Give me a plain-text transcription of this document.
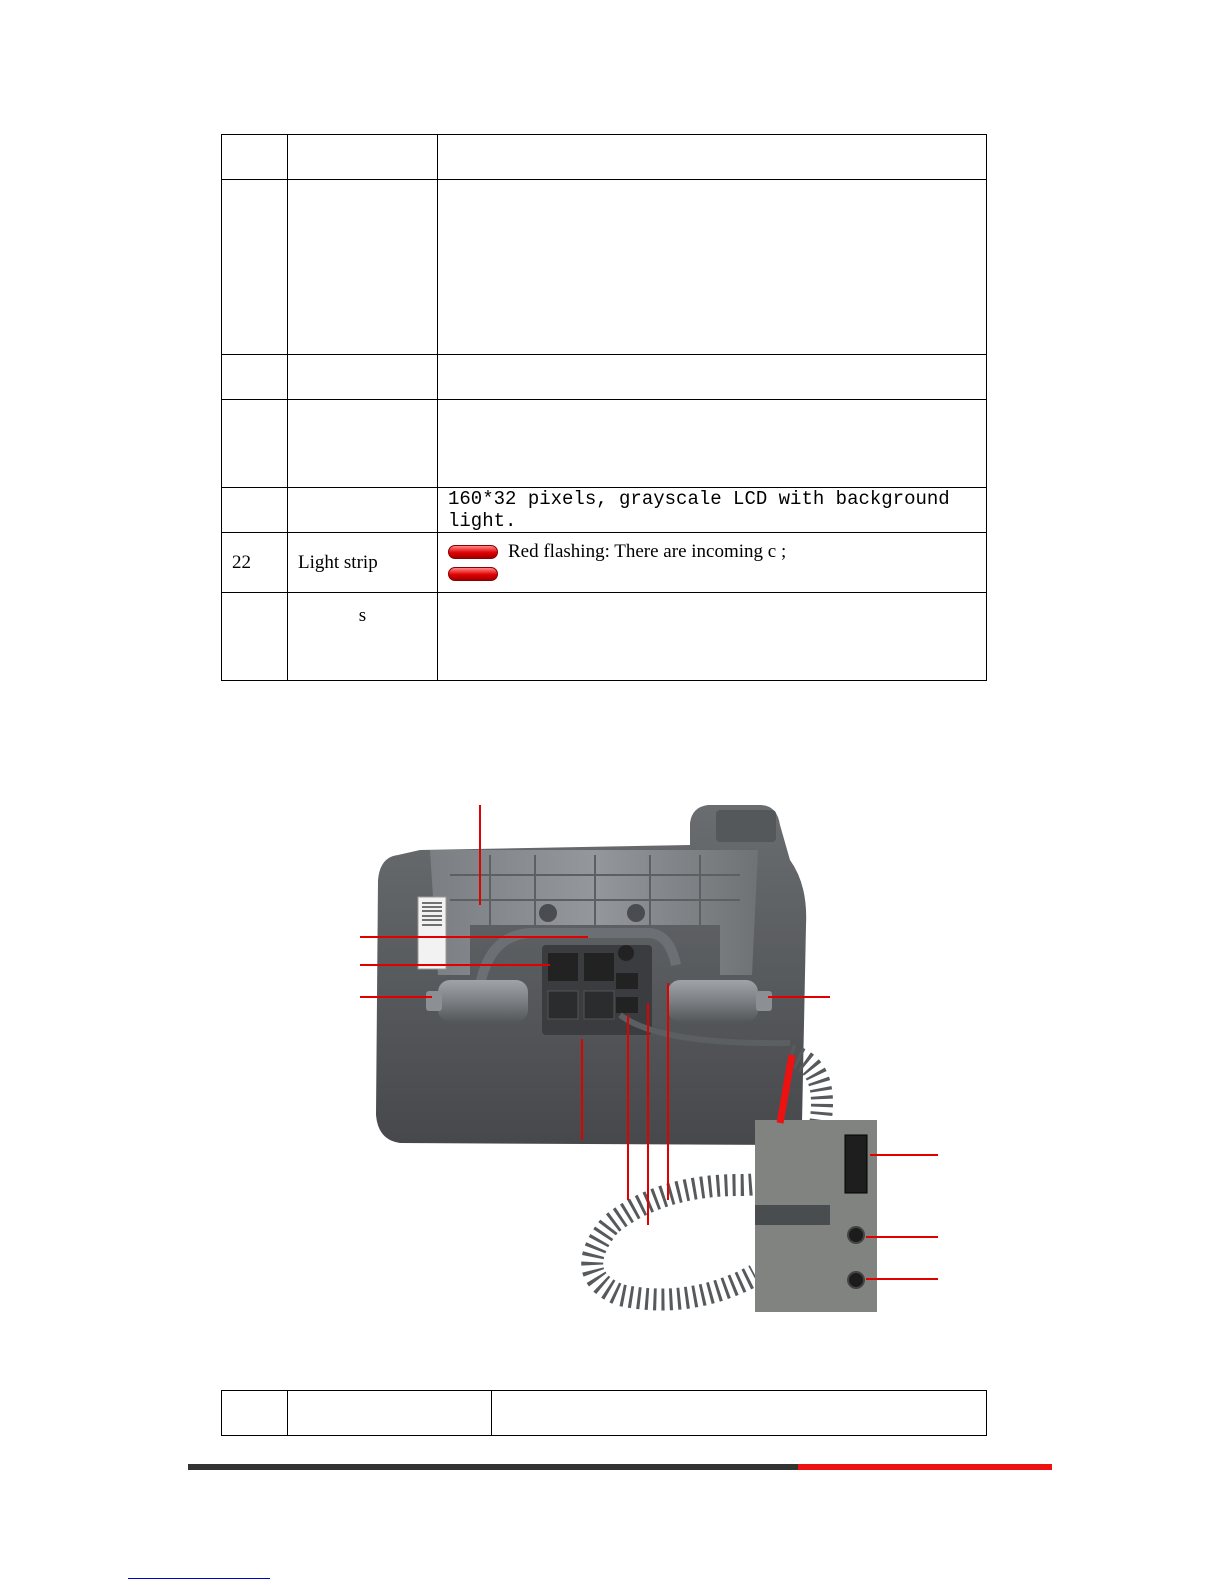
		160*32 pixels, grayscale LCD with background light.
22	Light strip	Red flashing: There are incoming c ;

	s	
